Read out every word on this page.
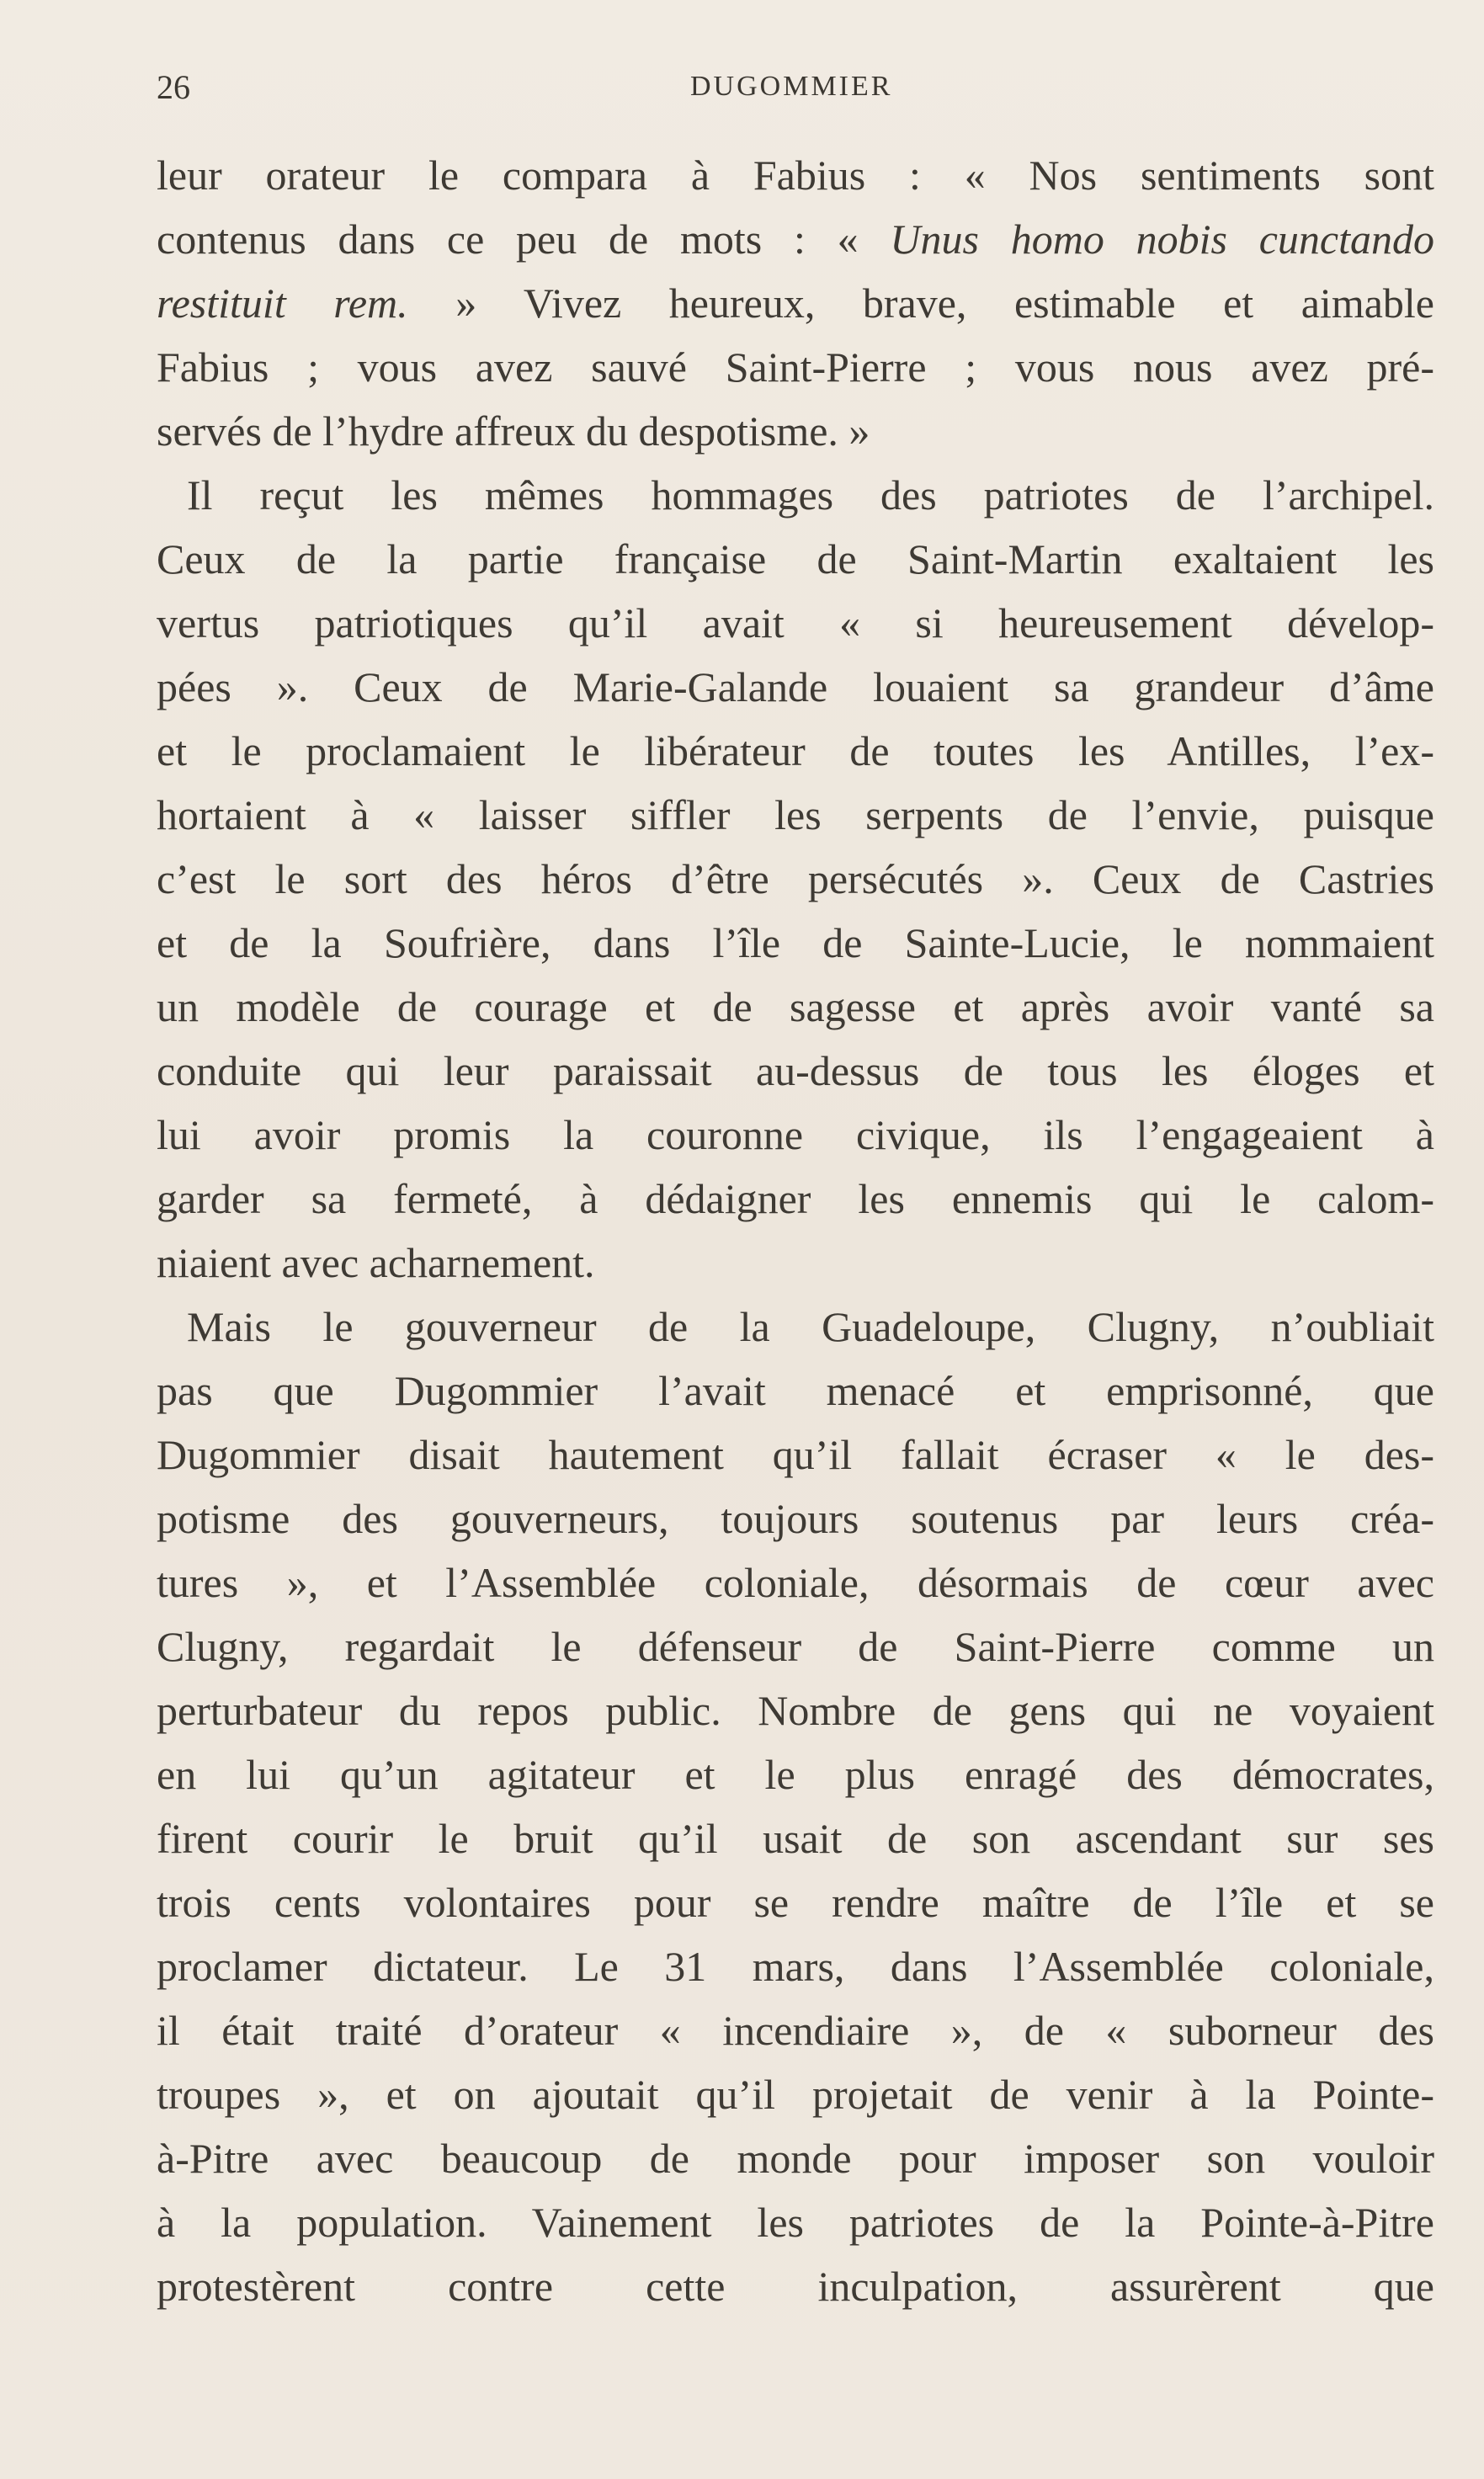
26	DUGOMMIER
leur orateur le compara à Fabius : « Nos sentiments sont
contenus dans ce peu de mots : « Unus homo nobis cunctando
restituit rem. » Vivez heureux, brave, estimable et aimable
Fabius ; vous avez sauvé Saint-Pierre ; vous nous avez pré-
servés de l’hydre affreux du despotisme. »
Il reçut les mêmes hommages des patriotes de l’archipel.
Ceux de la partie française de Saint-Martin exaltaient les
vertus patriotiques qu’il avait « si heureusement dévelop-
pées ». Ceux de Marie-Galande louaient sa grandeur d’âme
et le proclamaient le libérateur de toutes les Antilles, l’ex-
hortaient à « laisser siffler les serpents de l’envie, puisque
c’est le sort des héros d’être persécutés ». Ceux de Castries
et de la Soufrière, dans l’île de Sainte-Lucie, le nommaient
un modèle de courage et de sagesse et après avoir vanté sa
conduite qui leur paraissait au-dessus de tous les éloges et
lui avoir promis la couronne civique, ils l’engageaient à
garder sa fermeté, à dédaigner les ennemis qui le calom-
niaient avec acharnement.
Mais le gouverneur de la Guadeloupe, Clugny, n’oubliait
pas que Dugommier l’avait menacé et emprisonné, que
Dugommier disait hautement qu’il fallait écraser « le des-
potisme des gouverneurs, toujours soutenus par leurs créa-
tures », et l’Assemblée coloniale, désormais de cœur avec
Clugny, regardait le défenseur de Saint-Pierre comme un
perturbateur du repos public. Nombre de gens qui ne voyaient
en lui qu’un agitateur et le plus enragé des démocrates,
firent courir le bruit qu’il usait de son ascendant sur ses
trois cents volontaires pour se rendre maître de l’île et se
proclamer dictateur. Le 31 mars, dans l’Assemblée coloniale,
il était traité d’orateur « incendiaire », de « suborneur des
troupes », et on ajoutait qu’il projetait de venir à la Pointe-
à-Pitre avec beaucoup de monde pour imposer son vouloir
à la population. Vainement les patriotes de la Pointe-à-Pitre
protestèrent contre cette inculpation, assurèrent que
